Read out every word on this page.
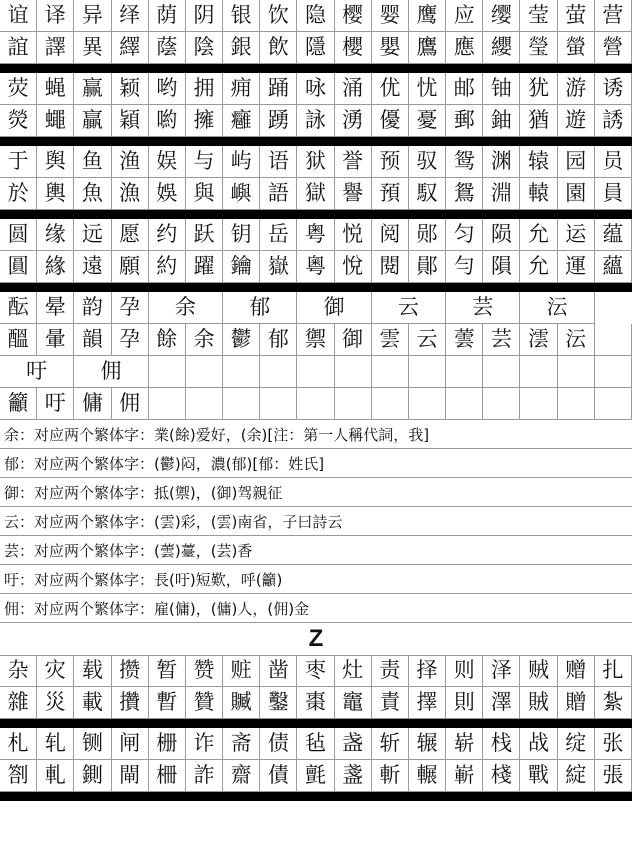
谊 译 异 绎 荫 阴 银 饮 隐 樱 婴 鹰 应 缨 莹 萤 营
誼 譯 異 繹 蔭 陰 銀 飲 隱 櫻 嬰 鷹 應 纓 瑩 螢 營
荧 蝇 赢 颖 哟 拥 痈 踊 咏 涌 优 忧 邮 铀 犹 游 诱
熒 蠅 贏 穎 喲 擁 癰 踴 詠 湧 優 憂 郵 鈾 猶 遊 誘
于 舆 鱼 渔 娱 与 屿 语 狱 誉 预 驭 鸳 渊 辕 园 员
於 輿 魚 漁 娛 與 嶼 語 獄 譽 預 馭 鴛 淵 轅 園 員
圆 缘 远 愿 约 跃 钥 岳 粤 悦 阅 郧 匀 陨 允 运 蕴
圓 緣 遠 願 約 躍 鑰 嶽 粵 悅 閱 鄖 勻 隕 允 運 蘊
酝 晕 韵 孕	余	郁	御	云	芸	沄
醞 暈 韻 孕 餘 余 鬱 郁 禦 御 雲 云 蕓 芸 澐 沄
吁	佣
籲 吁 傭 佣
余：对应两个繁体字：業(餘)爱好，(余)[注：第一人稱代詞，我]
郁：对应两个繁体字：(鬱)闷，濃(郁)[郁：姓氏]
御：对应两个繁体字：抵(禦)，(御)驾親征
云：对应两个繁体字：(雲)彩，(雲)南省，子曰詩云
芸：对应两个繁体字：(蕓)薹，(芸)香
吁：对应两个繁体字：長(吁)短歎，呼(籲)
佣：对应两个繁体字：雇(傭)，(傭)人，(佣)金
Z
杂 灾 载 攒 暂 赞 赃 凿 枣 灶 责 择 则 泽 贼 赠 扎
雜 災 載 攢 暫 贊 贓 鑿 棗 竈 責 擇 則 澤 賊 贈 紮
札 轧 铡 闸 栅 诈 斋 债 毡 盏 斩 辗 崭 栈 战 绽 张
劄 軋 鍘 閘 柵 詐 齋 債 氈 盞 斬 輾 嶄 棧 戰 綻 張
